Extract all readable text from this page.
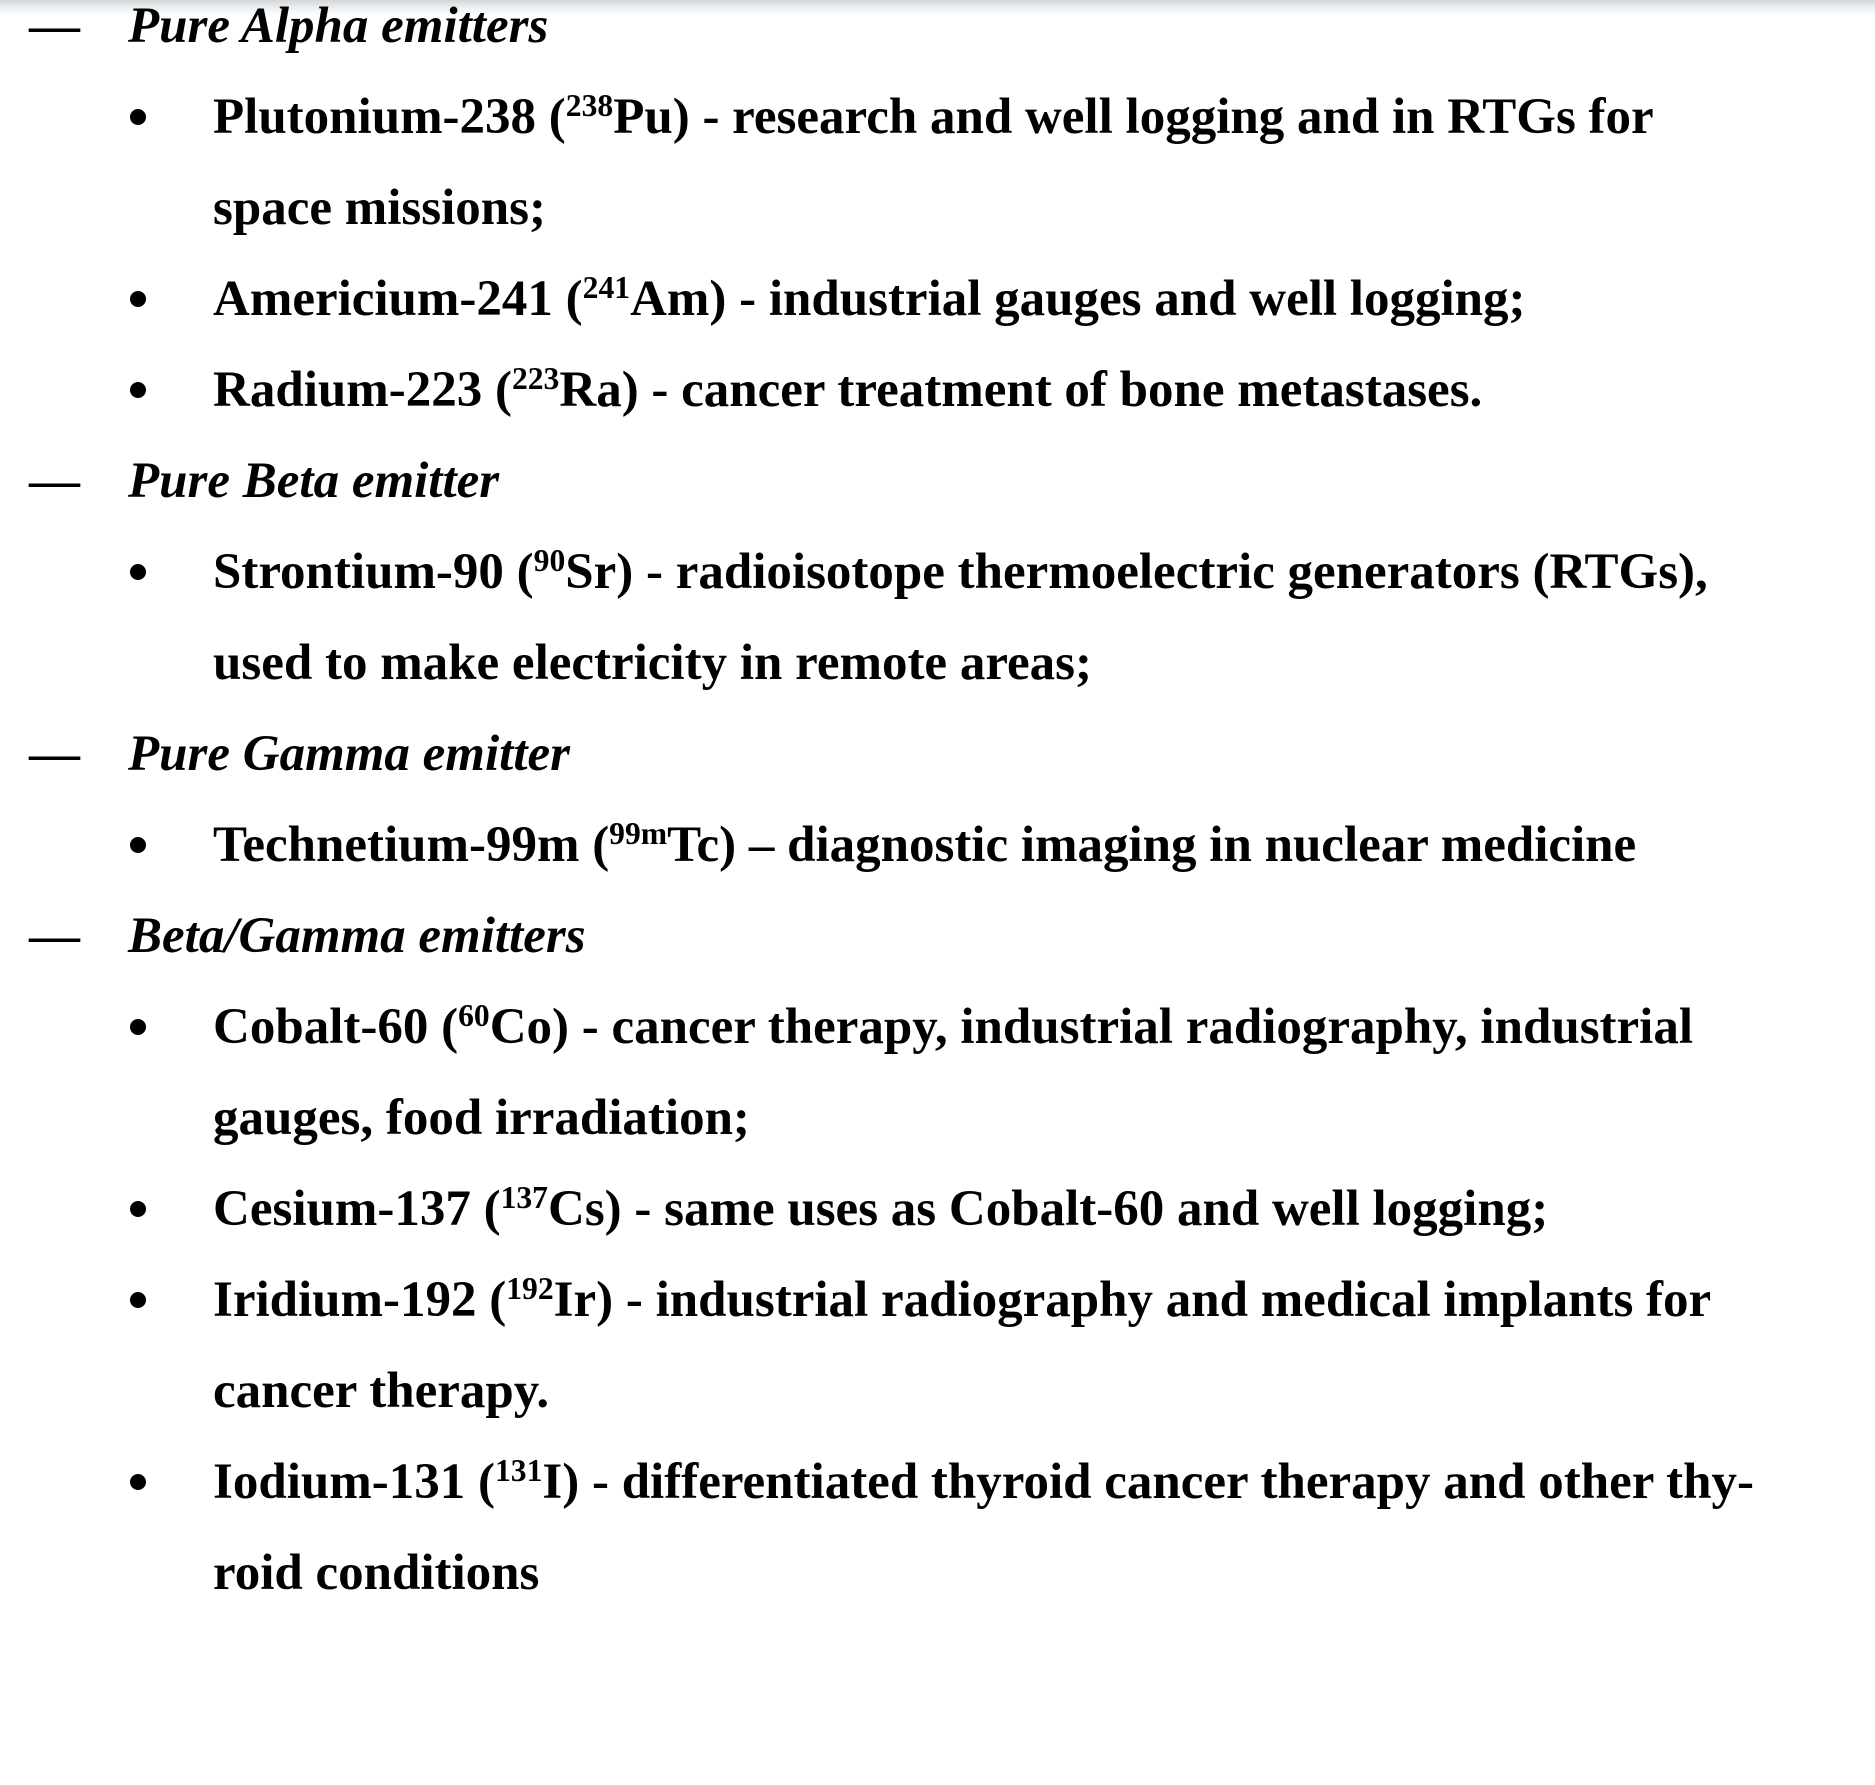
— Pure Alpha emitters
Plutonium-238 ($^{238}$Pu) - research and well logging and in RTGs for
space missions;
Americium-241 ($^{241}$Am) - industrial gauges and well logging;
Radium-223 ($^{223}$Ra) - cancer treatment of bone metastases.
— Pure Beta emitter
Strontium-90 ($^{90}$Sr) - radioisotope thermoelectric generators (RTGs),
used to make electricity in remote areas;
— Pure Gamma emitter
Technetium-99m ($^{99m}$Tc) – diagnostic imaging in nuclear medicine
— Beta/Gamma emitters
Cobalt-60 ($^{60}$Co) - cancer therapy, industrial radiography, industrial
gauges, food irradiation;
Cesium-137 ($^{137}$Cs) - same uses as Cobalt-60 and well logging;
Iridium-192 ($^{192}$Ir) - industrial radiography and medical implants for
cancer therapy.
Iodium-131 ($^{131}$I) - differentiated thyroid cancer therapy and other thy-
roid conditions
